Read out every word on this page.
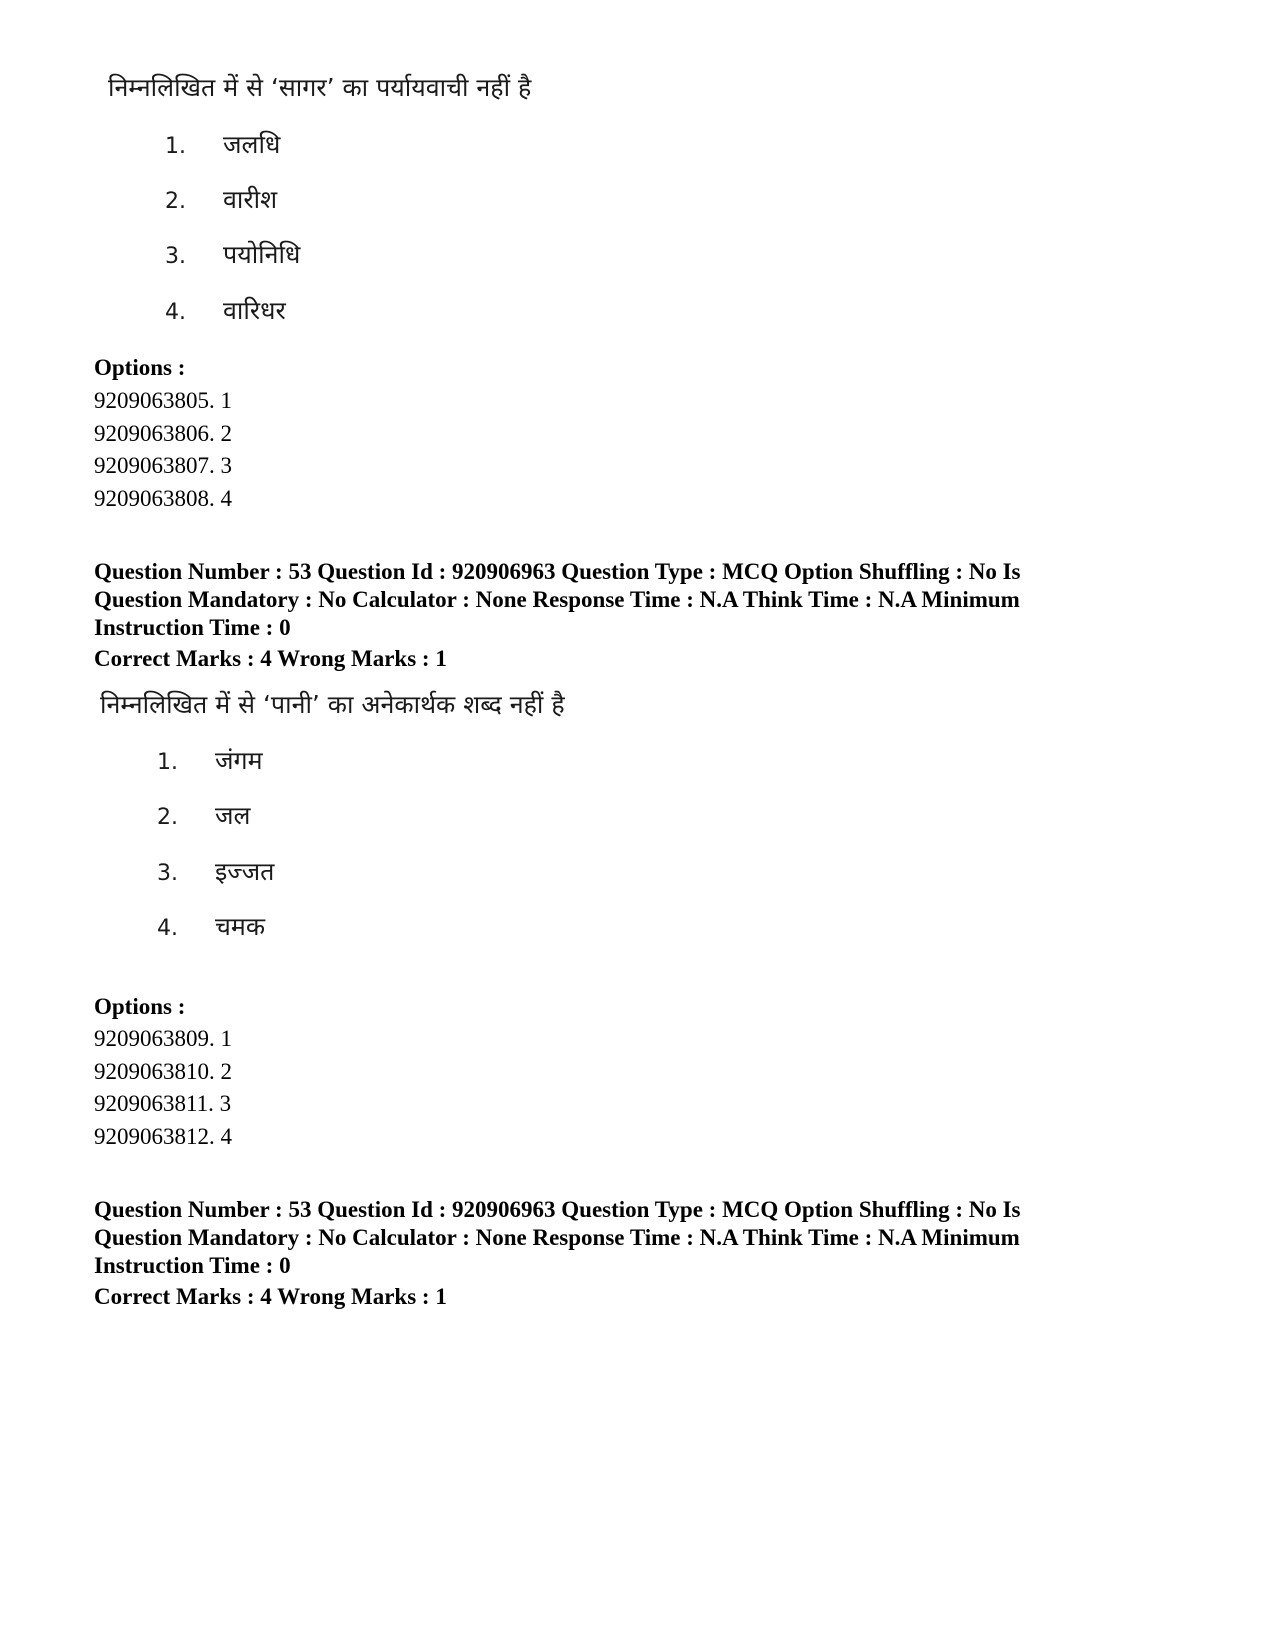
निम्नलिखित में से ‘सागर’ का पर्यायवाची नहीं है
1. जलधि
2. वारीश
3. पयोनिधि
4. वारिधर
Options :
9209063805. 1
9209063806. 2
9209063807. 3
9209063808. 4
Question Number : 53 Question Id : 920906963 Question Type : MCQ Option Shuffling : No Is
Question Mandatory : No Calculator : None Response Time : N.A Think Time : N.A Minimum
Instruction Time : 0
Correct Marks : 4 Wrong Marks : 1
निम्नलिखित में से ‘पानी’ का अनेकार्थक शब्द नहीं है
1. जंगम
2. जल
3. इज्जत
4. चमक
Options :
9209063809. 1
9209063810. 2
9209063811. 3
9209063812. 4
Question Number : 53 Question Id : 920906963 Question Type : MCQ Option Shuffling : No Is
Question Mandatory : No Calculator : None Response Time : N.A Think Time : N.A Minimum
Instruction Time : 0
Correct Marks : 4 Wrong Marks : 1
